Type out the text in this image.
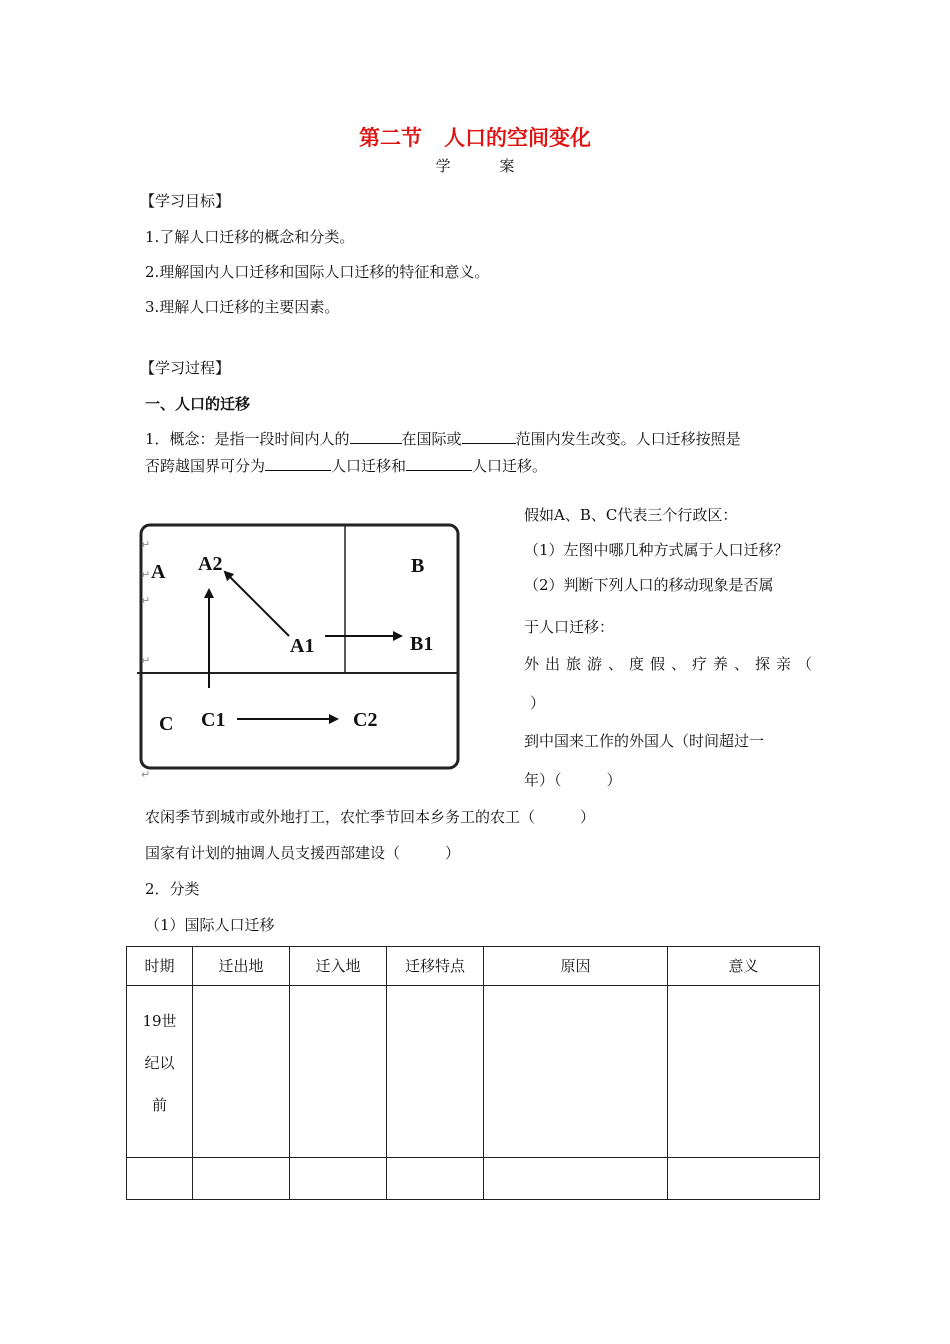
第二节 人口的空间变化
学 案
【学习目标】
1.了解人口迁移的概念和分类。
2.理解国内人口迁移和国际人口迁移的特征和意义。
3.理解人口迁移的主要因素。
【学习过程】
一、人口的迁移
1．概念：是指一段时间内人的	在国际或	范围内发生改变。人口迁移按照是
否跨越国界可分为	人口迁移和	人口迁移。
A A2	B
A1	B1
C C1	C2
↵
↵
↵
↵
↵
假如A、B、C代表三个行政区：
（1）左图中哪几种方式属于人口迁移？
（2）判断下列人口的移动现象是否属
于人口迁移：
外出旅游、度假、疗养、探亲（
）
到中国来工作的外国人（时间超过一
年）（　　　）
农闲季节到城市或外地打工，农忙季节回本乡务工的农工（　　　）
国家有计划的抽调人员支援西部建设（　　　）
2．分类
（1）国际人口迁移
时期	迁出地	迁入地	迁移特点	原因	意义

19世
纪以
前					
